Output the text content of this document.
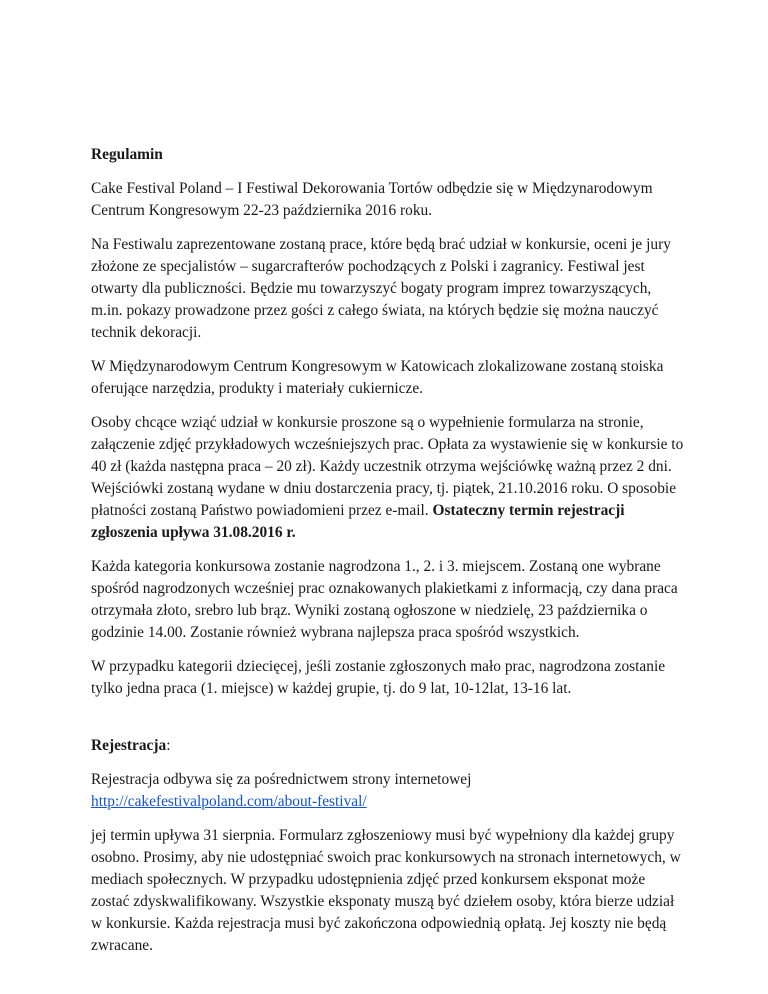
Regulamin

Cake Festival Poland – I Festiwal Dekorowania Tortów odbędzie się w Międzynarodowym Centrum Kongresowym 22-23 października 2016 roku.

Na Festiwalu zaprezentowane zostaną prace, które będą brać udział w konkursie, oceni je jury złożone ze specjalistów – sugarcrafterów pochodzących z Polski i zagranicy. Festiwal jest otwarty dla publiczności. Będzie mu towarzyszyć bogaty program imprez towarzyszących, m.in. pokazy prowadzone przez gości z całego świata, na których będzie się można nauczyć technik dekoracji.

W Międzynarodowym Centrum Kongresowym w Katowicach zlokalizowane zostaną stoiska oferujące narzędzia, produkty i materiały cukiernicze.

Osoby chcące wziąć udział w konkursie proszone są o wypełnienie formularza na stronie, załączenie zdjęć przykładowych wcześniejszych prac. Opłata za wystawienie się w konkursie to 40 zł (każda następna praca – 20 zł). Każdy uczestnik otrzyma wejściówkę ważną przez 2 dni. Wejściówki zostaną wydane w dniu dostarczenia pracy, tj. piątek, 21.10.2016 roku. O sposobie płatności zostaną Państwo powiadomieni przez e-mail. Ostateczny termin rejestracji zgłoszenia upływa 31.08.2016 r.

Każda kategoria konkursowa zostanie nagrodzona 1., 2. i 3. miejscem. Zostaną one wybrane spośród nagrodzonych wcześniej prac oznakowanych plakietkami z informacją, czy dana praca otrzymała złoto, srebro lub brąz. Wyniki zostaną ogłoszone w niedzielę, 23 października o godzinie 14.00. Zostanie również wybrana najlepsza praca spośród wszystkich.

W przypadku kategorii dziecięcej, jeśli zostanie zgłoszonych mało prac, nagrodzona zostanie tylko jedna praca (1. miejsce) w każdej grupie, tj. do 9 lat, 10-12lat, 13-16 lat.

Rejestracja:

Rejestracja odbywa się za pośrednictwem strony internetowej
http://cakefestivalpoland.com/about-festival/

jej termin upływa 31 sierpnia. Formularz zgłoszeniowy musi być wypełniony dla każdej grupy osobno. Prosimy, aby nie udostępniać swoich prac konkursowych na stronach internetowych, w mediach społecznych. W przypadku udostępnienia zdjęć przed konkursem eksponat może zostać zdyskwalifikowany. Wszystkie eksponaty muszą być dziełem osoby, która bierze udział w konkursie. Każda rejestracja musi być zakończona odpowiednią opłatą. Jej koszty nie będą zwracane.
